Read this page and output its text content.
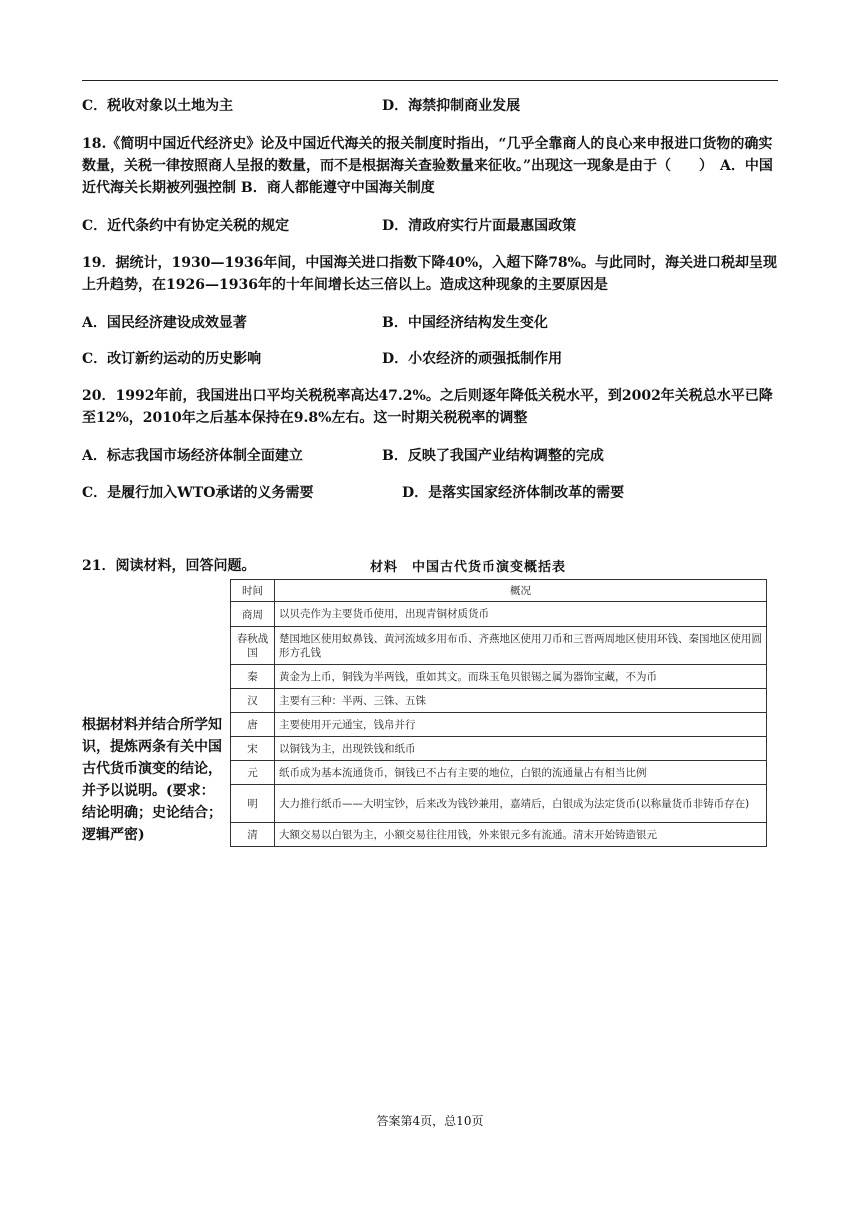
C．税收对象以土地为主	D．海禁抑制商业发展

18.《简明中国近代经济史》论及中国近代海关的报关制度时指出，“几乎全靠商人的良心来申报进口货物的确实数量，关税一律按照商人呈报的数量，而不是根据海关查验数量来征收。”出现这一现象是由于（　　）　A．中国近代海关长期被列强控制 B．商人都能遵守中国海关制度

C．近代条约中有协定关税的规定	D．清政府实行片面最惠国政策

19．据统计，1930—1936年间，中国海关进口指数下降40%，入超下降78%。与此同时，海关进口税却呈现上升趋势，在1926—1936年的十年间增长达三倍以上。造成这种现象的主要原因是

A．国民经济建设成效显著	B．中国经济结构发生变化
C．改订新约运动的历史影响	D．小农经济的顽强抵制作用

20．1992年前，我国进出口平均关税税率高达47.2%。之后则逐年降低关税水平，到2002年关税总水平已降至12%，2010年之后基本保持在9.8%左右。这一时期关税税率的调整

A．标志我国市场经济体制全面建立	B．反映了我国产业结构调整的完成
C．是履行加入WTO承诺的义务需要	D．是落实国家经济体制改革的需要
21．阅读材料，回答问题。	材料　中国古代货币演变概括表
时间	概况
商周	以贝壳作为主要货币使用，出现青铜材质货币
春秋战国	楚国地区使用蚁鼻钱、黄河流域多用布币、齐燕地区使用刀币和三晋两周地区使用环钱、秦国地区使用圆形方孔钱
秦	黄金为上币，铜钱为半两钱，重如其文。而珠玉龟贝银锡之属为器饰宝藏，不为币
汉	主要有三种：半两、三铢、五铢
唐	主要使用开元通宝，钱帛并行
宋	以铜钱为主，出现铁钱和纸币
元	纸币成为基本流通货币，铜钱已不占有主要的地位，白银的流通量占有相当比例
明	大力推行纸币——大明宝钞，后来改为钱钞兼用，嘉靖后，白银成为法定货币(以称量货币非铸币存在)
清	大额交易以白银为主，小额交易往往用钱，外来银元多有流通。清末开始铸造银元

根据材料并结合所学知识，提炼两条有关中国古代货币演变的结论，并予以说明。(要求：结论明确；史论结合；逻辑严密)

答案第4页，总10页
